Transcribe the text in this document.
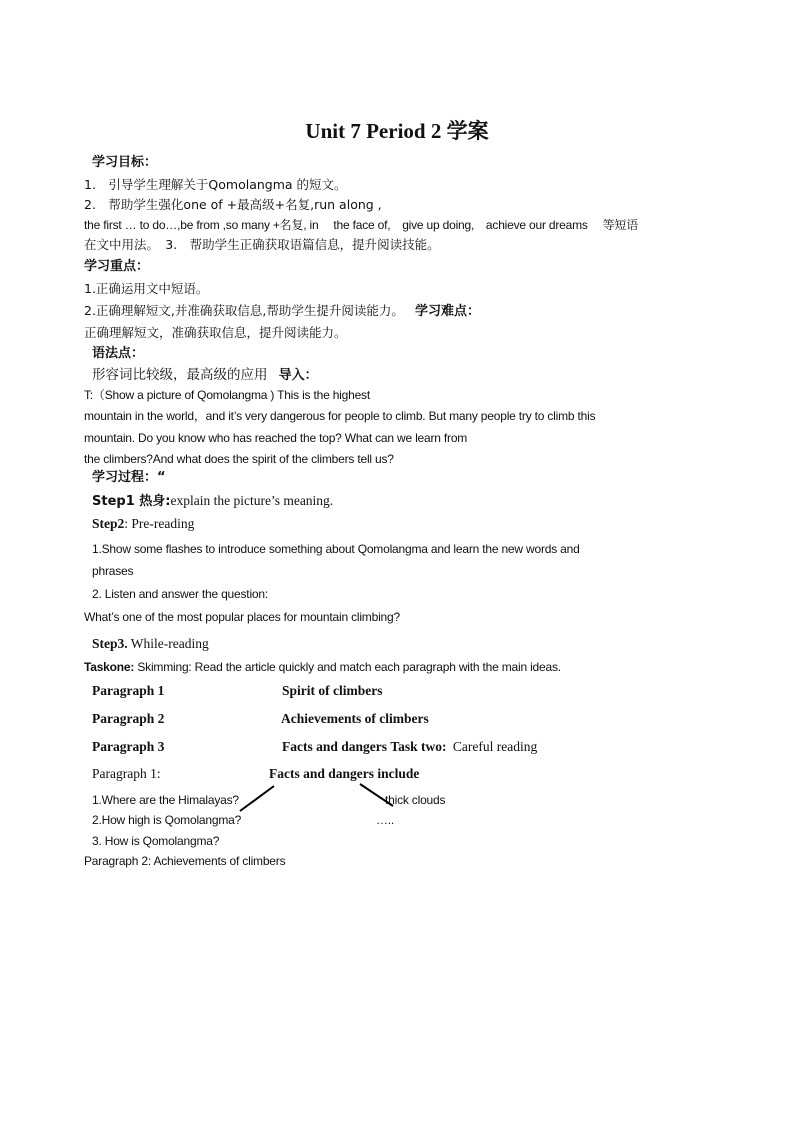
Unit 7 Period 2 学案
学习目标：
1.　引导学生理解关于Qomolangma 的短文。
2.　帮助学生强化one of +最高级+名复,run along ,
the first … to do…,be from ,so many +名复, in　 the face of,　give up doing,　achieve our dreams　 等短语
在文中用法。　3.　帮助学生正确获取语篇信息，提升阅读技能。
学习重点：
1.正确运用文中短语。
2.正确理解短文,并准确获取信息,帮助学生提升阅读能力。 学习难点：
正确理解短文，准确获取信息，提升阅读能力。
语法点：
形容词比较级，最高级的应用 导入：
T:（Show a picture of Qomolangma ) This is the highest
mountain in the world，and it’s very dangerous for people to climb. But many people try to climb this
mountain. Do you know who has reached the top? What can we learn from
the climbers?And what does the spirit of the climbers tell us?
学习过程：“
Step1 热身:explain the picture’s meaning.
Step2: Pre-reading
1.Show some flashes to introduce something about Qomolangma and learn the new words and
phrases
2. Listen and answer the question:
What’s one of the most popular places for mountain climbing?
Step3. While-reading
Taskone: Skimming: Read the article quickly and match each paragraph with the main ideas.
Paragraph 1	Spirit of climbers
Paragraph 2	Achievements of climbers
Paragraph 3	Facts and dangers Task two: Careful reading
Paragraph 1:	Facts and dangers include
1.Where are the Himalayas?	thick clouds
2.How high is Qomolangma?	…..
3. How is Qomolangma?
Paragraph 2: Achievements of climbers
